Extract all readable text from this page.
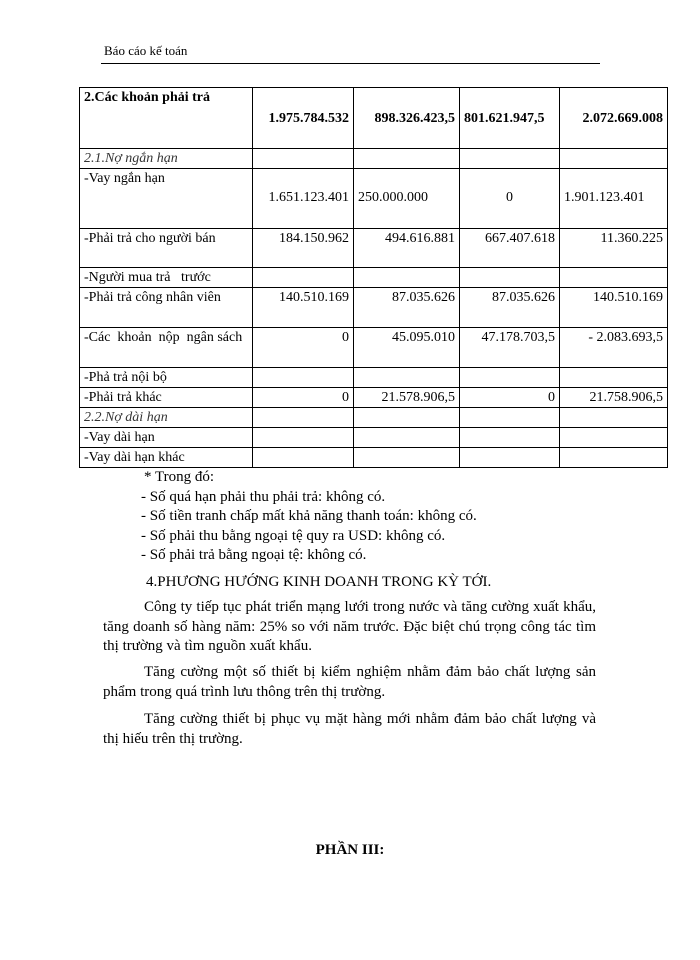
Báo cáo kế toán
2.Các khoản phải trả	1.975.784.532	898.326.423,5	801.621.947,5	2.072.669.008
2.1.Nợ ngắn hạn				
-Vay ngắn hạn	1.651.123.401	250.000.000	0	1.901.123.401
-Phải trả cho người bán	184.150.962	494.616.881	667.407.618	11.360.225
-Người mua trả   trước				
-Phải trả công nhân viên	140.510.169	87.035.626	87.035.626	140.510.169
-Các  khoản  nộp  ngân sách	0	45.095.010	47.178.703,5	- 2.083.693,5
-Phả trả nội bộ				
-Phải trả khác	0	21.578.906,5	0	21.758.906,5
2.2.Nợ dài hạn				
-Vay dài hạn				
-Vay dài hạn khác				
* Trong đó:
- Số quá hạn phải thu phải trả: không có.
- Số tiền tranh chấp mất khả năng thanh toán: không có.
- Số phải thu bằng ngoại tệ quy ra USD: không có.
- Số phải trả bằng ngoại tệ: không có.
4.PHƯƠNG HƯỚNG KINH DOANH TRONG KỲ TỚI.
Công ty tiếp tục phát triển mạng lưới trong nước và tăng cường xuất khẩu, tăng doanh số hàng năm: 25% so với năm trước. Đặc biệt chú trọng công tác tìm thị trường và tìm nguồn xuất khẩu.
Tăng cường một số thiết bị kiểm nghiệm nhằm đảm bảo chất lượng sản phẩm trong quá trình lưu thông trên thị trường.
Tăng cường thiết bị phục vụ mặt hàng mới nhằm đảm bảo chất lượng và thị hiếu trên thị trường.
PHẦN III:
